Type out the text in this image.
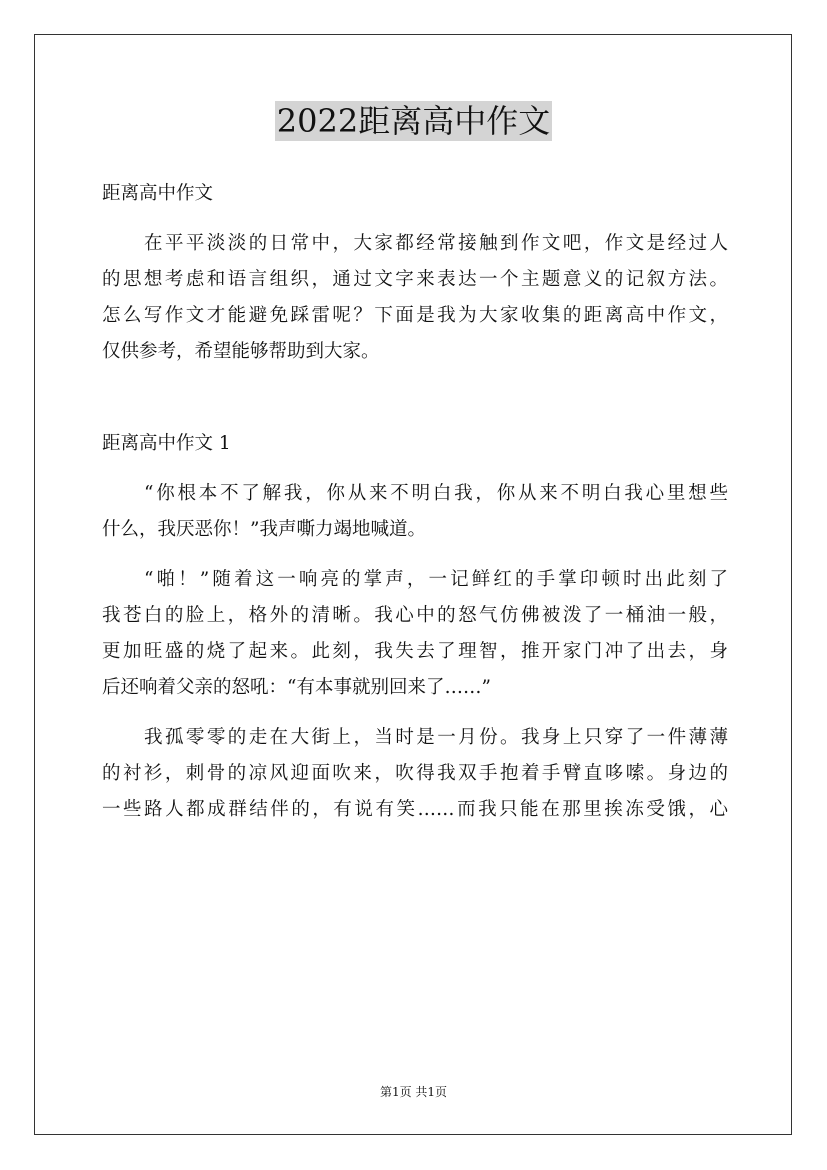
2022距离高中作文
距离高中作文
在平平淡淡的日常中，大家都经常接触到作文吧，作文是经过人
的思想考虑和语言组织，通过文字来表达一个主题意义的记叙方法。
怎么写作文才能避免踩雷呢？下面是我为大家收集的距离高中作文，
仅供参考，希望能够帮助到大家。
距离高中作文 1
“你根本不了解我，你从来不明白我，你从来不明白我心里想些
什么，我厌恶你！”我声嘶力竭地喊道。
“啪！”随着这一响亮的掌声，一记鲜红的手掌印顿时出此刻了
我苍白的脸上，格外的清晰。我心中的怒气仿佛被泼了一桶油一般，
更加旺盛的烧了起来。此刻，我失去了理智，推开家门冲了出去，身
后还响着父亲的怒吼：“有本事就别回来了……”
我孤零零的走在大街上，当时是一月份。我身上只穿了一件薄薄
的衬衫，刺骨的凉风迎面吹来，吹得我双手抱着手臂直哆嗦。身边的
一些路人都成群结伴的，有说有笑……而我只能在那里挨冻受饿，心
第1页 共1页
